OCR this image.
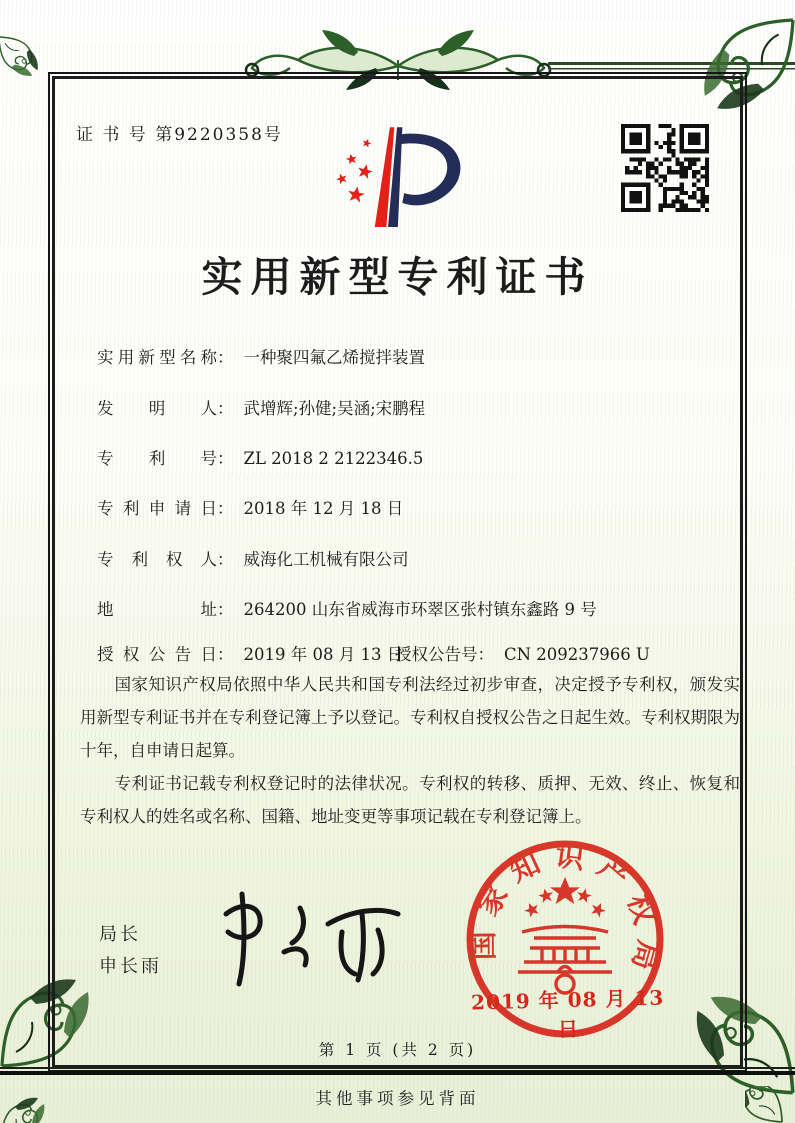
证 书 号 第9220358号
实用新型专利证书
实用新型名称： 一种聚四氟乙烯搅拌装置
发明人： 武增辉;孙健;吴涵;宋鹏程
专利号： ZL 2018 2 2122346.5
专利申请日： 2018 年 12 月 18 日
专利权人： 威海化工机械有限公司
地址： 264200 山东省威海市环翠区张村镇东鑫路 9 号
授权公告日： 2019 年 08 月 13 日
授权公告号： CN 209237966 U

国家知识产权局依照中华人民共和国专利法经过初步审查，决定授予专利权，颁发实用新型专利证书并在专利登记簿上予以登记。专利权自授权公告之日起生效。专利权期限为十年，自申请日起算。

专利证书记载专利权登记时的法律状况。专利权的转移、质押、无效、终止、恢复和专利权人的姓名或名称、国籍、地址变更等事项记载在专利登记簿上。

局长
申长雨
国家知识产权局
2019 年 08 月 13 日
第 1 页 (共 2 页)
其他事项参见背面
